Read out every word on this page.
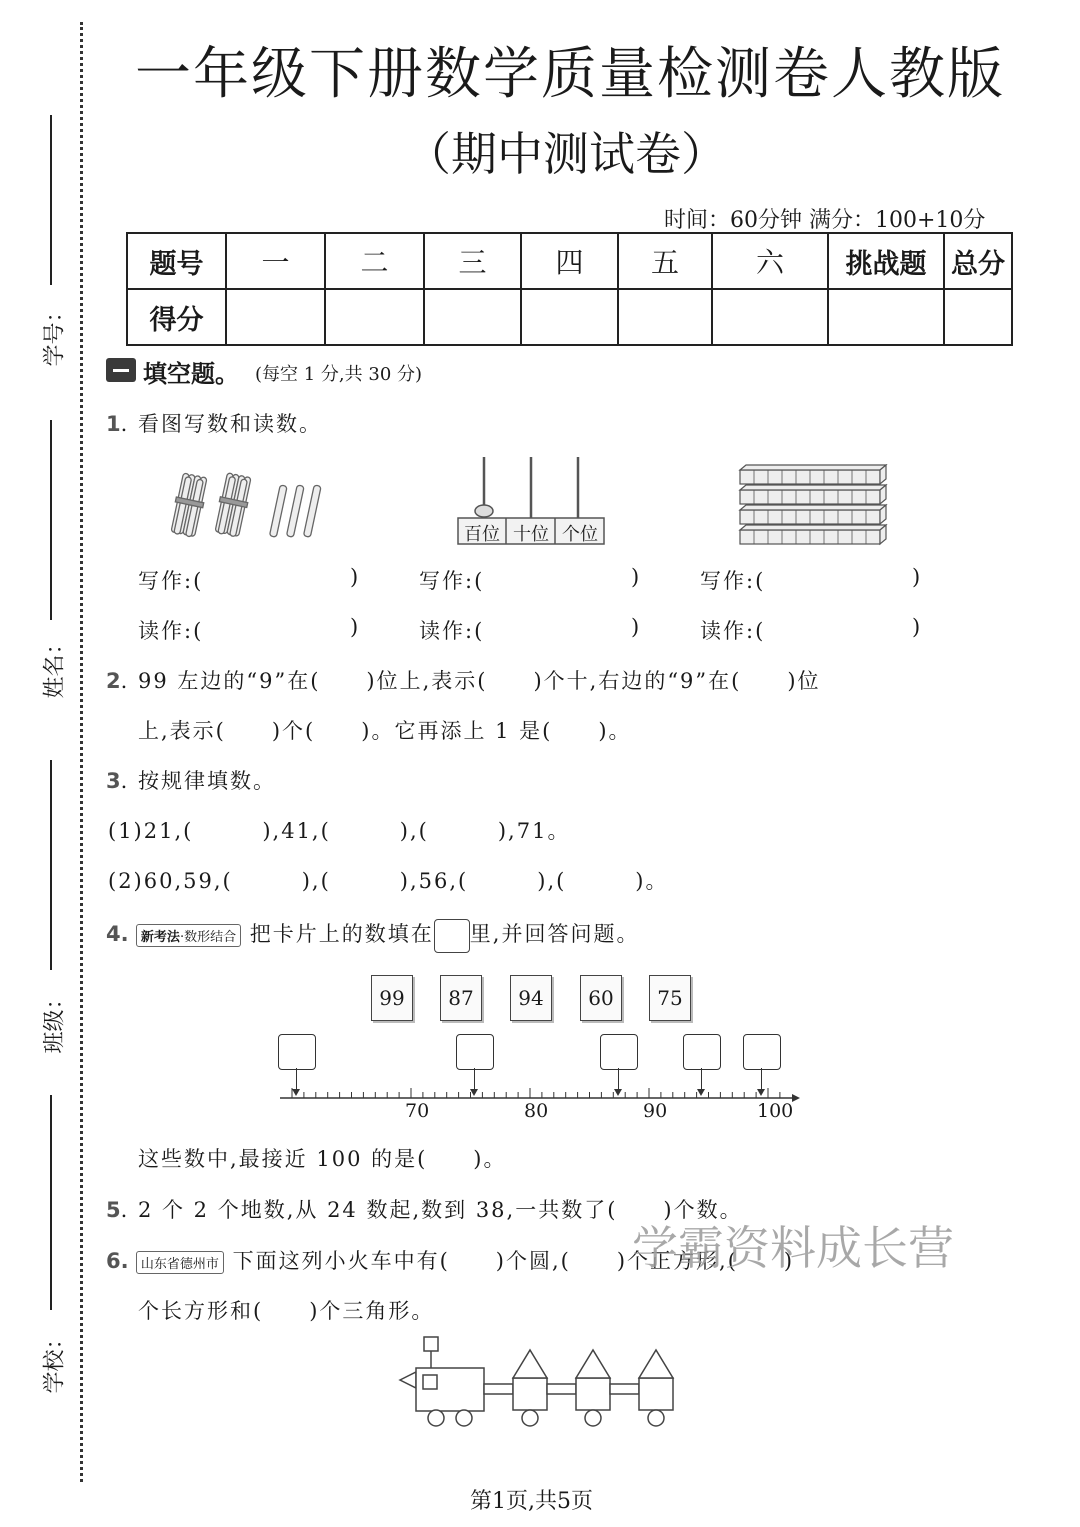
学号：
姓名：
班级：
学校：
一年级下册数学质量检测卷人教版
（期中测试卷）
时间：60分钟 满分：100+10分
题号	一	二	三	四	五	六	挑战题	总分
得分								
填空题。 (每空 1 分,共 30 分)
1. 看图写数和读数。
百位 十位 个位
写作:(	)	写作:(	)	写作:(	)
读作:(	)	读作:(	)	读作:(	)
2. 99 左边的“9”在(　　)位上,表示(　　)个十,右边的“9”在(　　)位
上,表示(　　)个(　　)。它再添上 1 是(　　)。
3. 按规律填数。
(1)21,(　　　),41,(　　　),(　　　),71。
(2)60,59,(　　　),(　　　),56,(　　　),(　　　)。
4. 新考法·数形结合 把卡片上的数填在 里,并回答问题。
99	87	94	60	75
70	80	90	100
这些数中,最接近 100 的是(　　)。
5. 2 个 2 个地数,从 24 数起,数到 38,一共数了(　　)个数。
6. 山东省德州市 下面这列小火车中有(　　)个圆,(　　)个正方形,(　　)
个长方形和(　　)个三角形。
学霸资料成长营
第1页,共5页
